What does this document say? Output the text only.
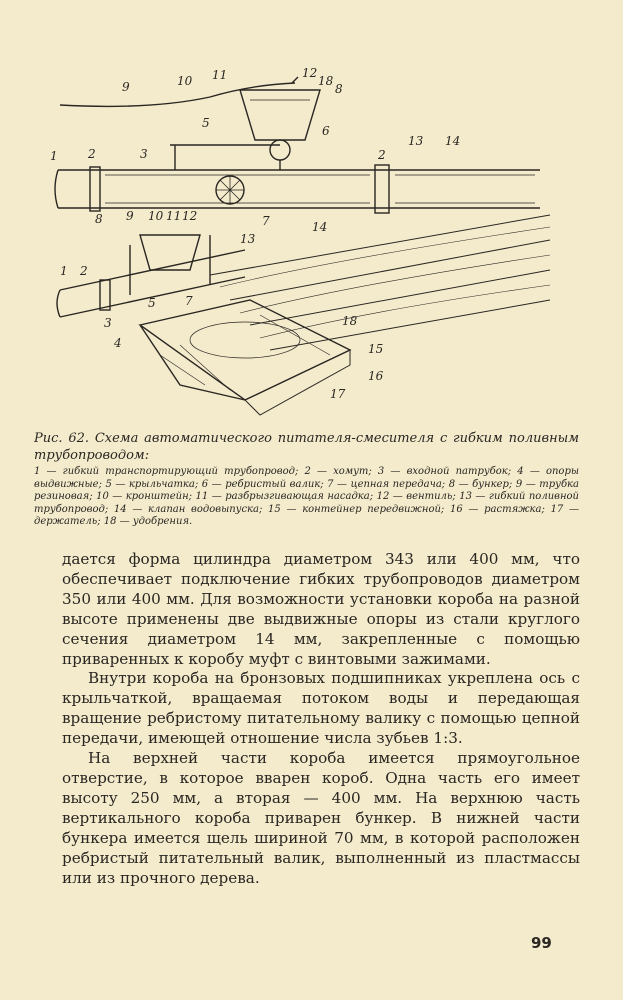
1	2	3
5
6
7
8
9	10 11	12
18
2
13 14
1 2
3
4
5 7
8 9 10 11 12
13
14
15
16
17
18
Рис. 62. Схема автоматического питателя-смесителя с гибким поливным трубопроводом:
1 — гибкий транспортирующий трубопровод; 2 — хомут; 3 — входной патрубок; 4 — опоры выдвижные; 5 — крыльчатка; 6 — ребристый валик; 7 — цепная передача; 8 — бункер; 9 — трубка резиновая; 10 — кронштейн; 11 — разбрызгивающая насадка; 12 — вентиль; 13 — гибкий поливной трубопровод; 14 — клапан водовыпуска; 15 — контейнер передвижной; 16 — растяжка; 17 — держатель; 18 — удобрения.

дается форма цилиндра диаметром 343 или 400 мм, что обеспечивает подключение гибких трубопроводов диаметром 350 или 400 мм. Для возможности установки короба на разной высоте применены две выдвижные опоры из стали круглого сечения диаметром 14 мм, закрепленные с помощью приваренных к коробу муфт с винтовыми зажимами.

Внутри короба на бронзовых подшипниках укреплена ось с крыльчаткой, вращаемая потоком воды и передающая вращение ребристому питательному валику с помощью цепной передачи, имеющей отношение числа зубьев 1:3.

На верхней части короба имеется прямоугольное отверстие, в которое вварен короб. Одна часть его имеет высоту 250 мм, а вторая — 400 мм. На верхнюю часть вертикального короба приварен бункер. В нижней части бункера имеется щель шириной 70 мм, в которой расположен ребристый питательный валик, выполненный из пластмассы или из прочного дерева.

99
